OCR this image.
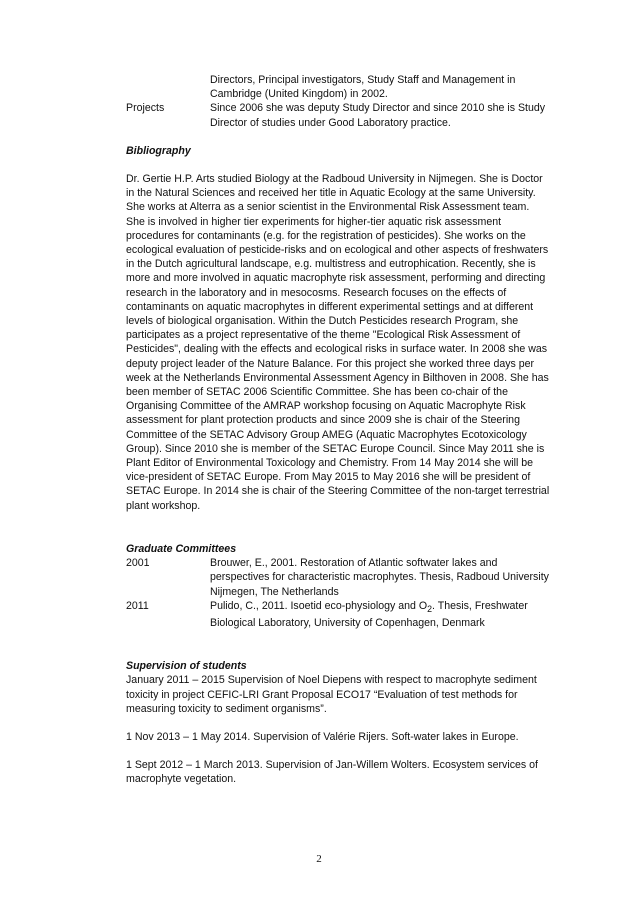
Directors, Principal investigators, Study Staff and Management in Cambridge (United Kingdom) in 2002.

Projects	Since 2006 she was deputy Study Director and since 2010 she is Study Director of studies under Good Laboratory practice.

Bibliography

Dr. Gertie H.P. Arts studied Biology at the Radboud University in Nijmegen. She is Doctor in the Natural Sciences and received her title in Aquatic Ecology at the same University. She works at Alterra as a senior scientist in the Environmental Risk Assessment team. She is involved in higher tier experiments for higher-tier aquatic risk assessment procedures for contaminants (e.g. for the registration of pesticides). She works on the ecological evaluation of pesticide-risks and on ecological and other aspects of freshwaters in the Dutch agricultural landscape, e.g. multistress and eutrophication. Recently, she is more and more involved in aquatic macrophyte risk assessment, performing and directing research in the laboratory and in mesocosms. Research focuses on the effects of contaminants on aquatic macrophytes in different experimental settings and at different levels of biological organisation. Within the Dutch Pesticides research Program, she participates as a project representative of the theme "Ecological Risk Assessment of Pesticides", dealing with the effects and ecological risks in surface water. In 2008 she was deputy project leader of the Nature Balance. For this project she worked three days per week at the Netherlands Environmental Assessment Agency in Bilthoven in 2008. She has been member of SETAC 2006 Scientific Committee. She has been co-chair of the Organising Committee of the AMRAP workshop focusing on Aquatic Macrophyte Risk assessment for plant protection products and since 2009 she is chair of the Steering Committee of the SETAC Advisory Group AMEG (Aquatic Macrophytes Ecotoxicology Group). Since 2010 she is member of the SETAC Europe Council. Since May 2011 she is Plant Editor of Environmental Toxicology and Chemistry. From 14 May 2014 she will be vice-president of SETAC Europe. From May 2015 to May 2016 she will be president of SETAC Europe. In 2014 she is chair of the Steering Committee of the non-target terrestrial plant workshop.

Graduate Committees

2001	Brouwer, E., 2001. Restoration of Atlantic softwater lakes and perspectives for characteristic macrophytes. Thesis, Radboud University Nijmegen, The Netherlands

2011	Pulido, C., 2011. Isoetid eco-physiology and $O_2$. Thesis, Freshwater Biological Laboratory, University of Copenhagen, Denmark

Supervision of students

January 2011 – 2015 Supervision of Noel Diepens with respect to macrophyte sediment toxicity in project CEFIC-LRI Grant Proposal ECO17 “Evaluation of test methods for measuring toxicity to sediment organisms”.

1 Nov 2013 – 1 May 2014. Supervision of Valérie Rijers. Soft-water lakes in Europe.

1 Sept 2012 – 1 March 2013. Supervision of Jan-Willem Wolters. Ecosystem services of macrophyte vegetation.

2
